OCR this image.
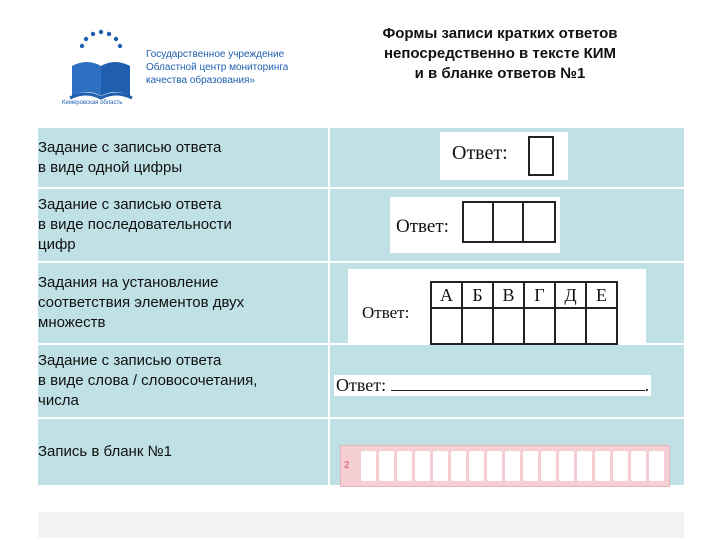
Государственное учреждение
Областной центр мониторинга
качества образования»
Кемеровская область
Формы записи кратких ответов
непосредственно в тексте КИМ
и в бланке ответов №1
Задание с записью ответа
в виде одной цифры

Ответ:

Задание с записью ответа
в виде последовательности
цифр

Ответ:

Задания на установление
соответствия элементов двух
множеств

Ответ:
А	Б	В	Г	Д	Е

Задание с записью ответа
в виде слова / словосочетания,
числа

Ответ:	.

Запись в бланк №1

2
